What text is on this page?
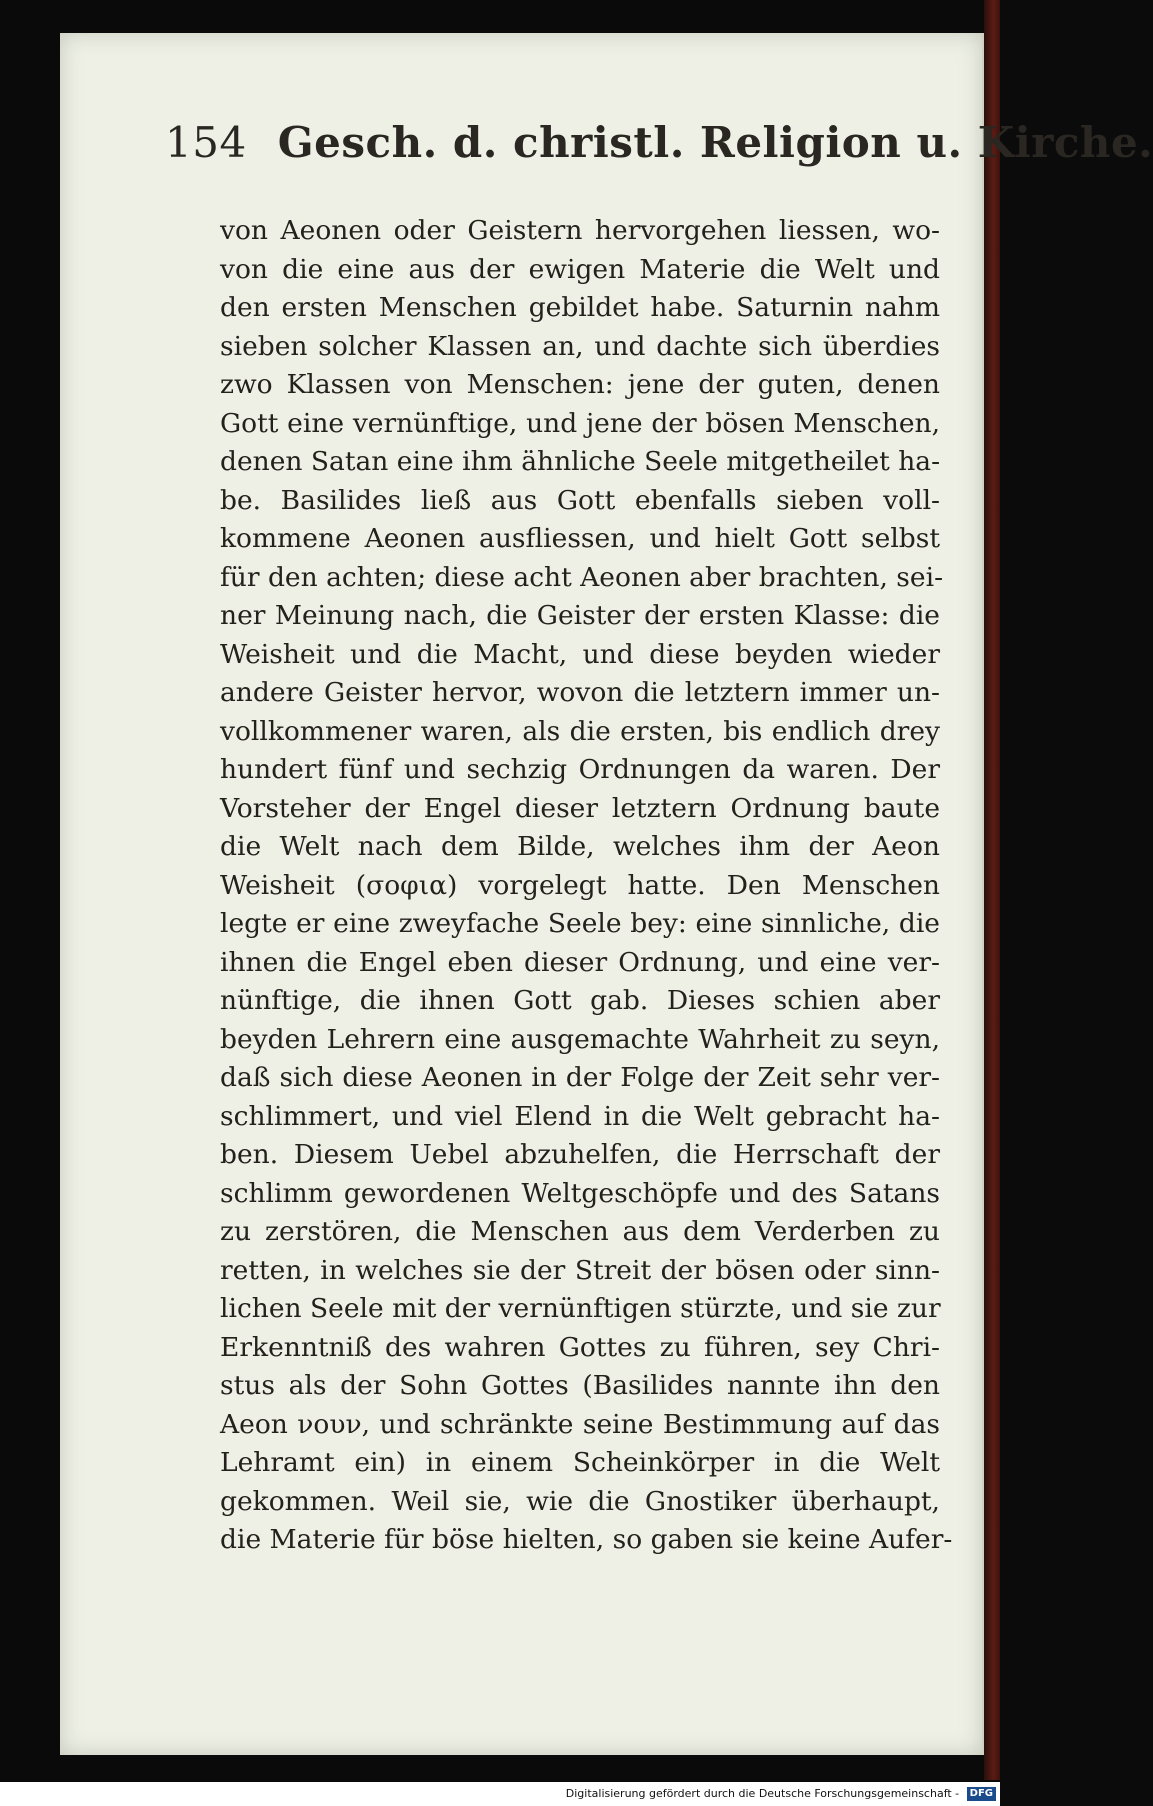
154 Gesch. d. christl. Religion u. Kirche.
von Aeonen oder Geistern hervorgehen liessen, wo-
von die eine aus der ewigen Materie die Welt und
den ersten Menschen gebildet habe. Saturnin nahm
sieben solcher Klassen an, und dachte sich überdies
zwo Klassen von Menschen: jene der guten, denen
Gott eine vernünftige, und jene der bösen Menschen,
denen Satan eine ihm ähnliche Seele mitgetheilet ha-
be. Basilides ließ aus Gott ebenfalls sieben voll-
kommene Aeonen ausfliessen, und hielt Gott selbst
für den achten; diese acht Aeonen aber brachten, sei-
ner Meinung nach, die Geister der ersten Klasse: die
Weisheit und die Macht, und diese beyden wieder
andere Geister hervor, wovon die letztern immer un-
vollkommener waren, als die ersten, bis endlich drey
hundert fünf und sechzig Ordnungen da waren. Der
Vorsteher der Engel dieser letztern Ordnung baute
die Welt nach dem Bilde, welches ihm der Aeon
Weisheit (σοφια) vorgelegt hatte. Den Menschen
legte er eine zweyfache Seele bey: eine sinnliche, die
ihnen die Engel eben dieser Ordnung, und eine ver-
nünftige, die ihnen Gott gab. Dieses schien aber
beyden Lehrern eine ausgemachte Wahrheit zu seyn,
daß sich diese Aeonen in der Folge der Zeit sehr ver-
schlimmert, und viel Elend in die Welt gebracht ha-
ben. Diesem Uebel abzuhelfen, die Herrschaft der
schlimm gewordenen Weltgeschöpfe und des Satans
zu zerstören, die Menschen aus dem Verderben zu
retten, in welches sie der Streit der bösen oder sinn-
lichen Seele mit der vernünftigen stürzte, und sie zur
Erkenntniß des wahren Gottes zu führen, sey Chri-
stus als der Sohn Gottes (Basilides nannte ihn den
Aeon νουν, und schränkte seine Bestimmung auf das
Lehramt ein) in einem Scheinkörper in die Welt
gekommen. Weil sie, wie die Gnostiker überhaupt,
die Materie für böse hielten, so gaben sie keine Aufer-
Digitalisierung gefördert durch die Deutsche Forschungsgemeinschaft - DFG
